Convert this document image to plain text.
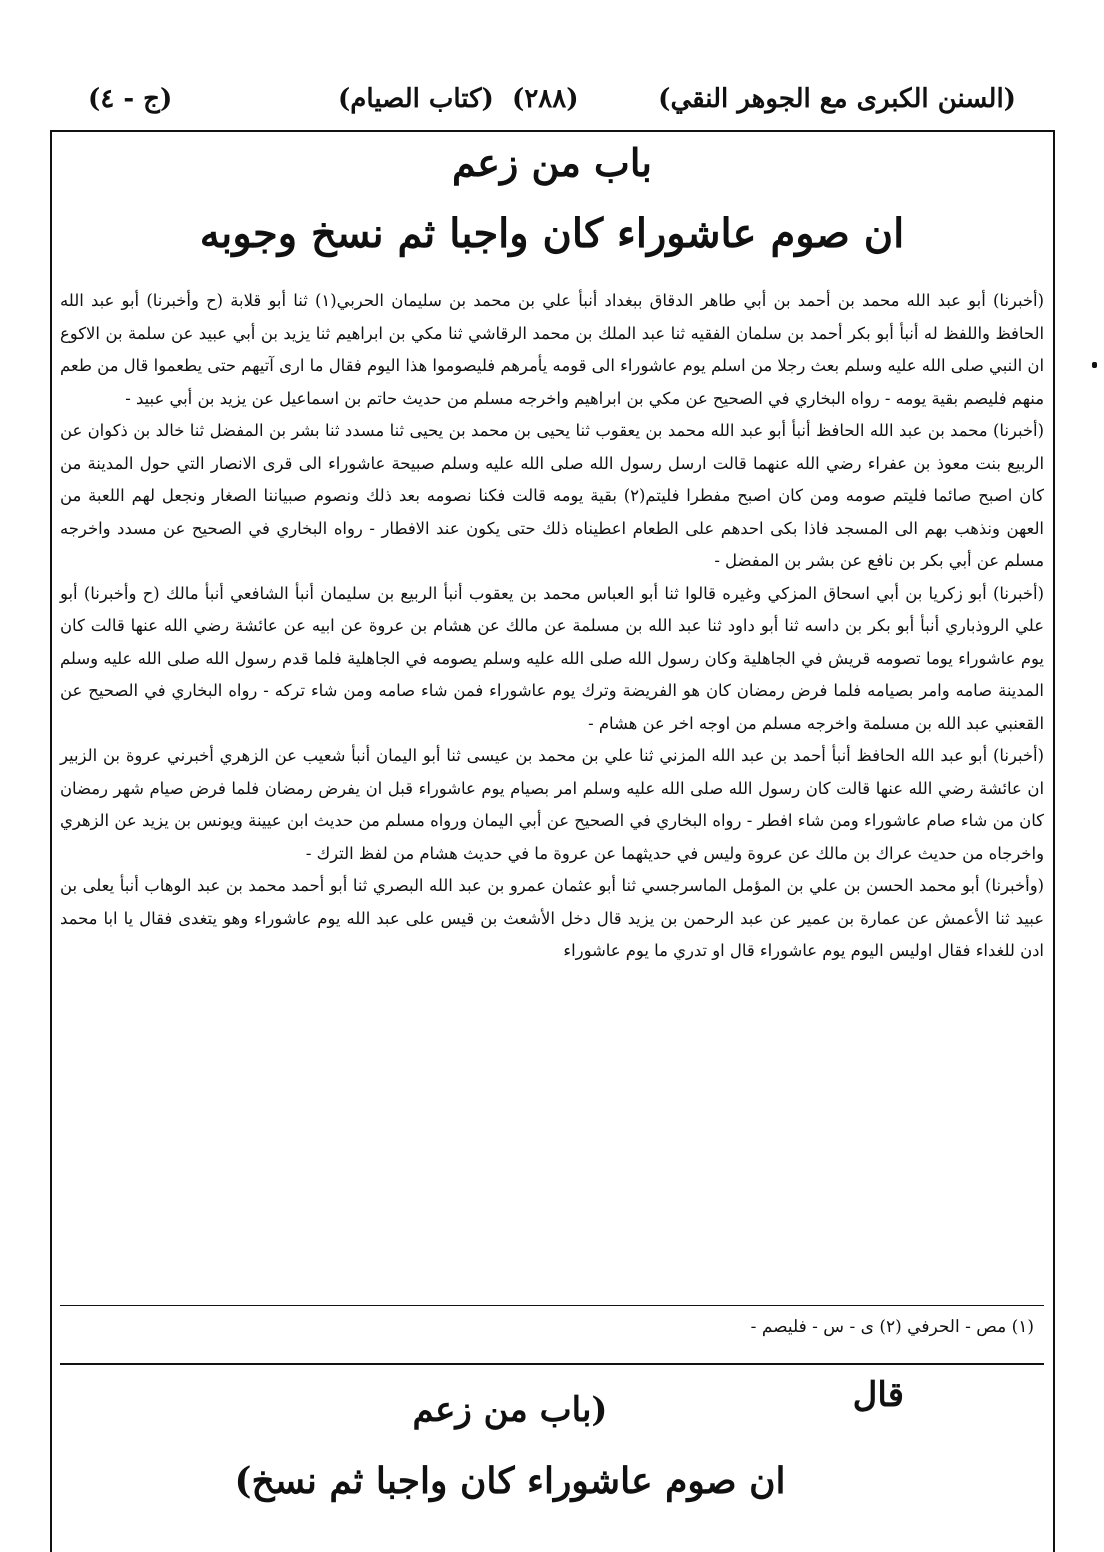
(السنن الكبرى مع الجوهر النقي)
(٢٨٨)
(كتاب الصيام)
(ج - ٤)
باب من زعم
ان صوم عاشوراء كان واجبا ثم نسخ وجوبه

(أخبرنا) أبو عبد الله محمد بن أحمد بن أبي طاهر الدقاق ببغداد أنبأ علي بن محمد بن سليمان الحربي(١) ثنا أبو قلابة (ح وأخبرنا) أبو عبد الله الحافظ واللفظ له أنبأ أبو بكر أحمد بن سلمان الفقيه ثنا عبد الملك بن محمد الرقاشي ثنا مكي بن ابراهيم ثنا يزيد بن أبي عبيد عن سلمة بن الاكوع ان النبي صلى الله عليه وسلم بعث رجلا من اسلم يوم عاشوراء الى قومه يأمرهم فليصوموا هذا اليوم فقال ما ارى آتيهم حتى يطعموا قال من طعم منهم فليصم بقية يومه - رواه البخاري في الصحيح عن مكي بن ابراهيم واخرجه مسلم من حديث حاتم بن اسماعيل عن يزيد بن أبي عبيد -

(أخبرنا) محمد بن عبد الله الحافظ أنبأ أبو عبد الله محمد بن يعقوب ثنا يحيى بن محمد بن يحيى ثنا مسدد ثنا بشر بن المفضل ثنا خالد بن ذكوان عن الربيع بنت معوذ بن عفراء رضي الله عنهما قالت ارسل رسول الله صلى الله عليه وسلم صبيحة عاشوراء الى قرى الانصار التي حول المدينة من كان اصبح صائما فليتم صومه ومن كان اصبح مفطرا فليتم(٢) بقية يومه قالت فكنا نصومه بعد ذلك ونصوم صبياننا الصغار ونجعل لهم اللعبة من العهن ونذهب بهم الى المسجد فاذا بكى احدهم على الطعام اعطيناه ذلك حتى يكون عند الافطار - رواه البخاري في الصحيح عن مسدد واخرجه مسلم عن أبي بكر بن نافع عن بشر بن المفضل -

(أخبرنا) أبو زكريا بن أبي اسحاق المزكي وغيره قالوا ثنا أبو العباس محمد بن يعقوب أنبأ الربيع بن سليمان أنبأ الشافعي أنبأ مالك (ح وأخبرنا) أبو علي الروذباري أنبأ أبو بكر بن داسه ثنا أبو داود ثنا عبد الله بن مسلمة عن مالك عن هشام بن عروة عن ابيه عن عائشة رضي الله عنها قالت كان يوم عاشوراء يوما تصومه قريش في الجاهلية وكان رسول الله صلى الله عليه وسلم يصومه في الجاهلية فلما قدم رسول الله صلى الله عليه وسلم المدينة صامه وامر بصيامه فلما فرض رمضان كان هو الفريضة وترك يوم عاشوراء فمن شاء صامه ومن شاء تركه - رواه البخاري في الصحيح عن القعنبي عبد الله بن مسلمة واخرجه مسلم من اوجه اخر عن هشام -

(أخبرنا) أبو عبد الله الحافظ أنبأ أحمد بن عبد الله المزني ثنا علي بن محمد بن عيسى ثنا أبو اليمان أنبأ شعيب عن الزهري أخبرني عروة بن الزبير ان عائشة رضي الله عنها قالت كان رسول الله صلى الله عليه وسلم امر بصيام يوم عاشوراء قبل ان يفرض رمضان فلما فرض صيام شهر رمضان كان من شاء صام عاشوراء ومن شاء افطر - رواه البخاري في الصحيح عن أبي اليمان ورواه مسلم من حديث ابن عيينة ويونس بن يزيد عن الزهري واخرجاه من حديث عراك بن مالك عن عروة وليس في حديثهما عن عروة ما في حديث هشام من لفظ الترك -

(وأخبرنا) أبو محمد الحسن بن علي بن المؤمل الماسرجسي ثنا أبو عثمان عمرو بن عبد الله البصري ثنا أبو أحمد محمد بن عبد الوهاب أنبأ يعلى بن عبيد ثنا الأعمش عن عمارة بن عمير عن عبد الرحمن بن يزيد قال دخل الأشعث بن قيس على عبد الله يوم عاشوراء وهو يتغدى فقال يا ابا محمد ادن للغداء فقال اوليس اليوم يوم عاشوراء قال او تدري ما يوم عاشوراء

(١) مص - الحرفي (٢) ى - س - فليصم -
قال
(باب من زعم
ان صوم عاشوراء كان واجبا ثم نسخ)
